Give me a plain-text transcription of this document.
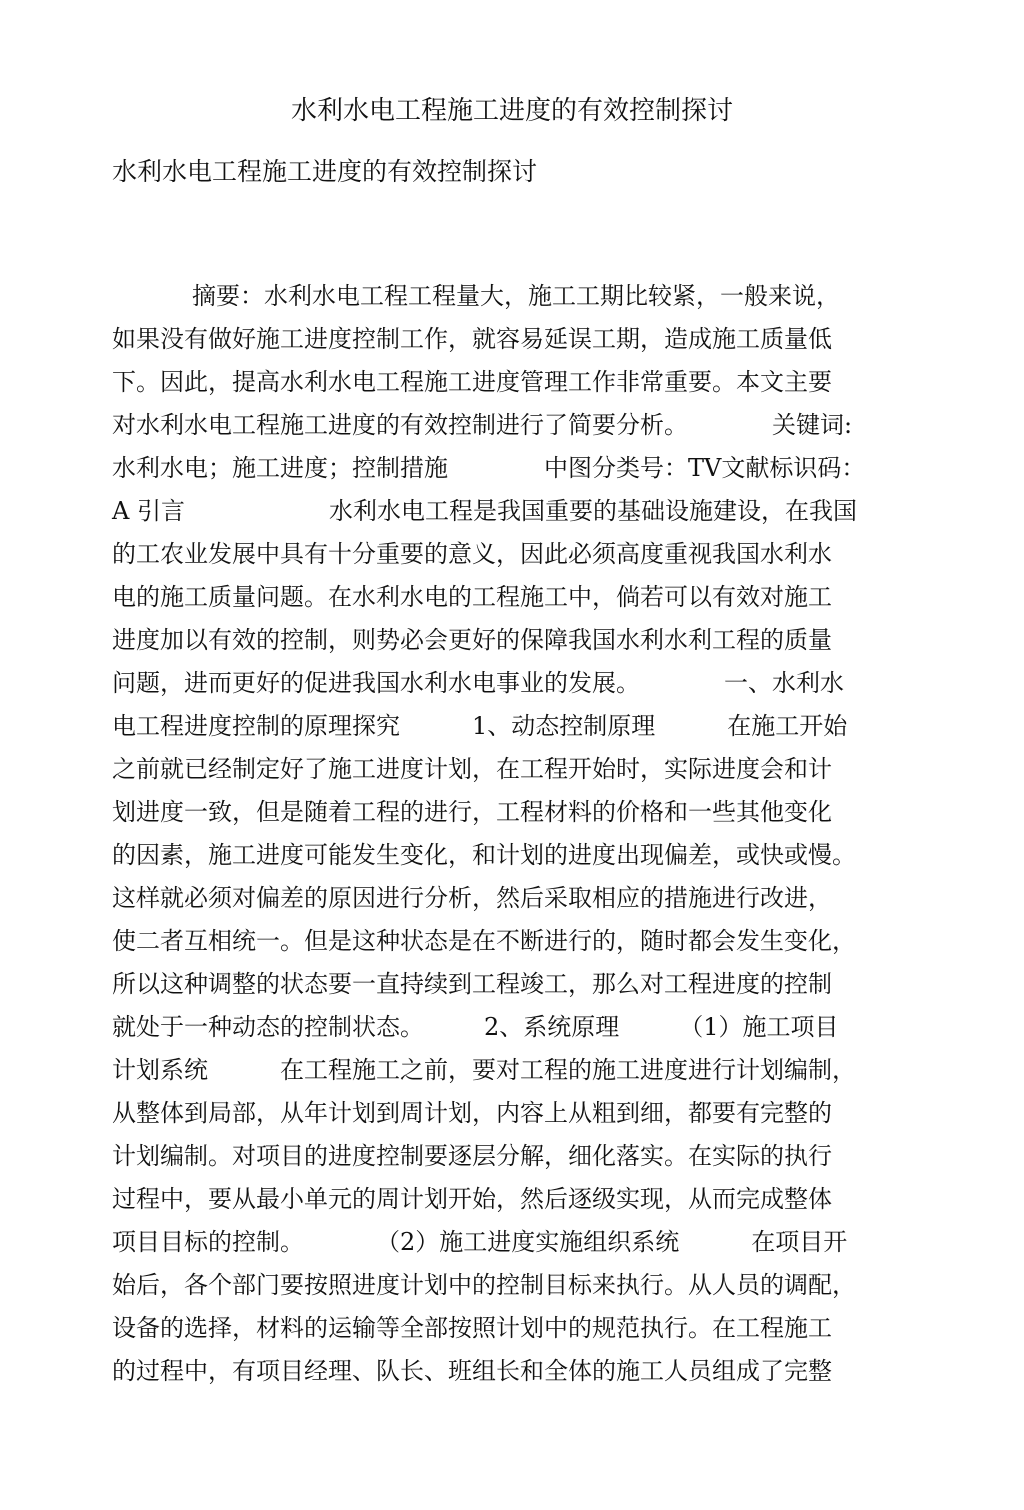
水利水电工程施工进度的有效控制探讨
水利水电工程施工进度的有效控制探讨
摘要：水利水电工程工程量大，施工工期比较紧，一般来说，
如果没有做好施工进度控制工作，就容易延误工期，造成施工质量低
下。因此，提高水利水电工程施工进度管理工作非常重要。本文主要
对水利水电工程施工进度的有效控制进行了简要分析。　　　　关键词:
水利水电；施工进度；控制措施　　　　中图分类号：TV文献标识码：
A 引言　　　　　　水利水电工程是我国重要的基础设施建设，在我国
的工农业发展中具有十分重要的意义，因此必须高度重视我国水利水
电的施工质量问题。在水利水电的工程施工中，倘若可以有效对施工
进度加以有效的控制，则势必会更好的保障我国水利水利工程的质量
问题，进而更好的促进我国水利水电事业的发展。　　　　一、水利水
电工程进度控制的原理探究　　　1、动态控制原理　　　在施工开始
之前就已经制定好了施工进度计划，在工程开始时，实际进度会和计
划进度一致，但是随着工程的进行，工程材料的价格和一些其他变化
的因素，施工进度可能发生变化，和计划的进度出现偏差，或快或慢。
这样就必须对偏差的原因进行分析，然后采取相应的措施进行改进，
使二者互相统一。但是这种状态是在不断进行的，随时都会发生变化，
所以这种调整的状态要一直持续到工程竣工，那么对工程进度的控制
就处于一种动态的控制状态。　　　2、系统原理　　　（1）施工项目
计划系统　　　在工程施工之前，要对工程的施工进度进行计划编制，
从整体到局部，从年计划到周计划，内容上从粗到细，都要有完整的
计划编制。对项目的进度控制要逐层分解，细化落实。在实际的执行
过程中，要从最小单元的周计划开始，然后逐级实现，从而完成整体
项目目标的控制。　　　　（2）施工进度实施组织系统　　　在项目开
始后，各个部门要按照进度计划中的控制目标来执行。从人员的调配，
设备的选择，材料的运输等全部按照计划中的规范执行。在工程施工
的过程中，有项目经理、队长、班组长和全体的施工人员组成了完整
